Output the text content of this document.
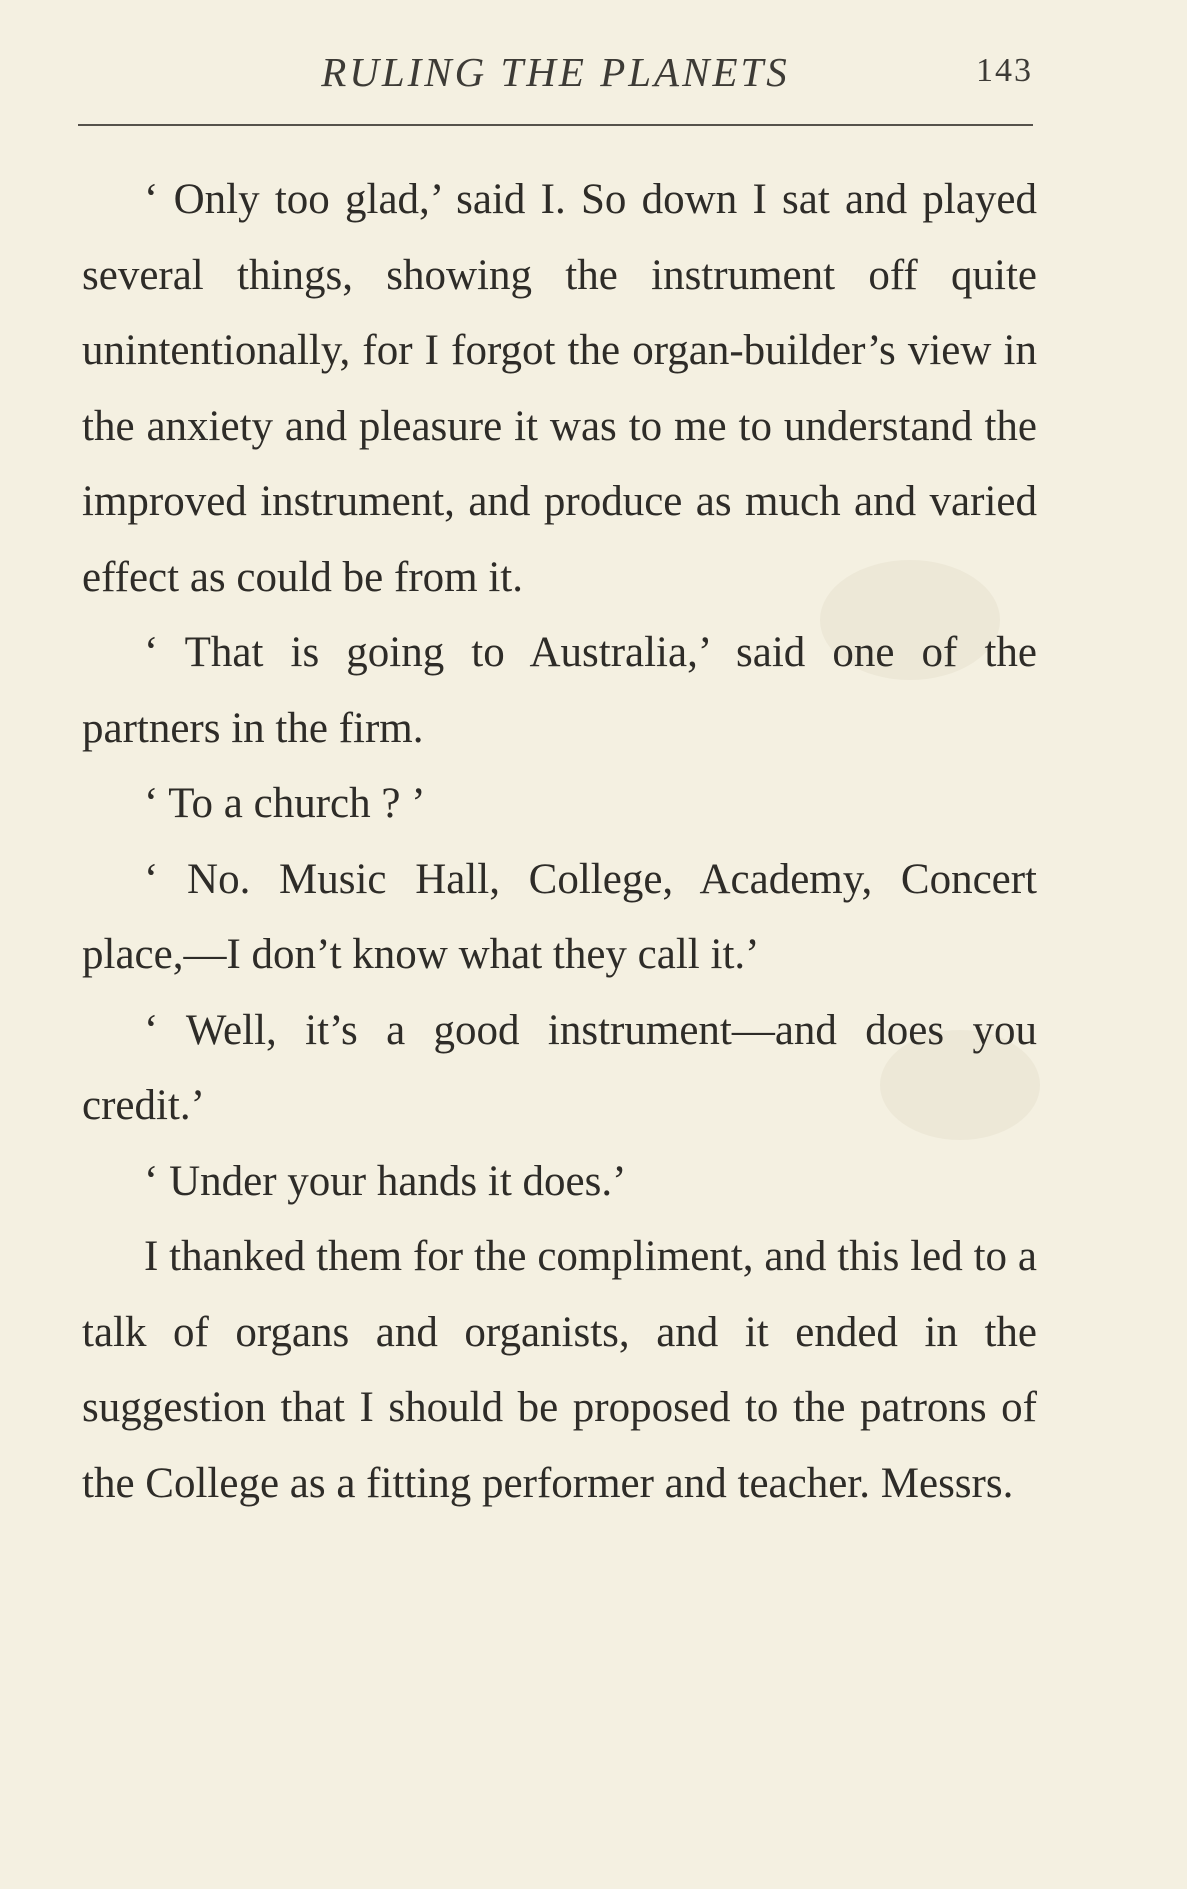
RULING THE PLANETS	143

‘ Only too glad,’ said I. So down I sat and played several things, showing the instrument off quite unintentionally, for I forgot the organ-builder’s view in the anxiety and pleasure it was to me to understand the improved instrument, and produce as much and varied effect as could be from it.

‘ That is going to Australia,’ said one of the partners in the firm.

‘ To a church ? ’

‘ No. Music Hall, College, Academy, Concert place,—I don’t know what they call it.’

‘ Well, it’s a good instrument—and does you credit.’

‘ Under your hands it does.’

I thanked them for the compliment, and this led to a talk of organs and organists, and it ended in the suggestion that I should be proposed to the patrons of the College as a fitting performer and teacher. Messrs.
